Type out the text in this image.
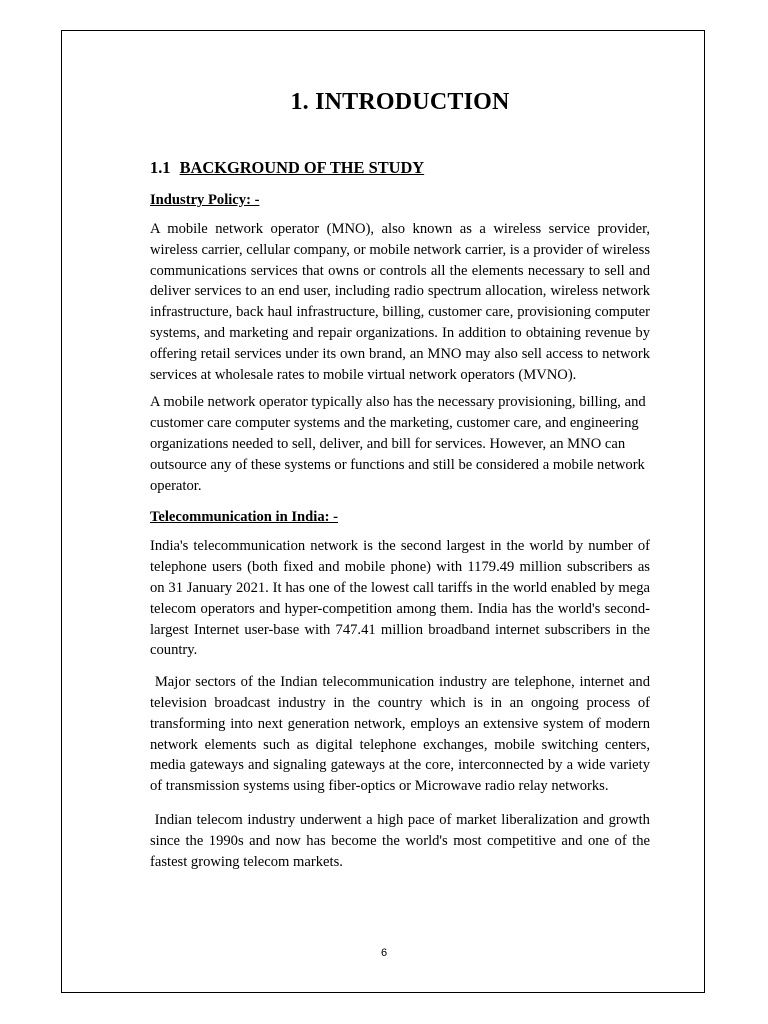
1. INTRODUCTION
1.1 BACKGROUND OF THE STUDY
Industry Policy: -

A mobile network operator (MNO), also known as a wireless service provider, wireless carrier, cellular company, or mobile network carrier, is a provider of wireless communications services that owns or controls all the elements necessary to sell and deliver services to an end user, including radio spectrum allocation, wireless network infrastructure, back haul infrastructure, billing, customer care, provisioning computer systems, and marketing and repair organizations. In addition to obtaining revenue by offering retail services under its own brand, an MNO may also sell access to network services at wholesale rates to mobile virtual network operators (MVNO).

A mobile network operator typically also has the necessary provisioning, billing, and customer care computer systems and the marketing, customer care, and engineering organizations needed to sell, deliver, and bill for services. However, an MNO can outsource any of these systems or functions and still be considered a mobile network operator.

Telecommunication in India: -

India's telecommunication network is the second largest in the world by number of telephone users (both fixed and mobile phone) with 1179.49 million subscribers as on 31 January 2021. It has one of the lowest call tariffs in the world enabled by mega telecom operators and hyper-competition among them. India has the world's second-largest Internet user-base with 747.41 million broadband internet subscribers in the country.

Major sectors of the Indian telecommunication industry are telephone, internet and television broadcast industry in the country which is in an ongoing process of transforming into next generation network, employs an extensive system of modern network elements such as digital telephone exchanges, mobile switching centers, media gateways and signaling gateways at the core, interconnected by a wide variety of transmission systems using fiber-optics or Microwave radio relay networks.

Indian telecom industry underwent a high pace of market liberalization and growth since the 1990s and now has become the world's most competitive and one of the fastest growing telecom markets.

6
